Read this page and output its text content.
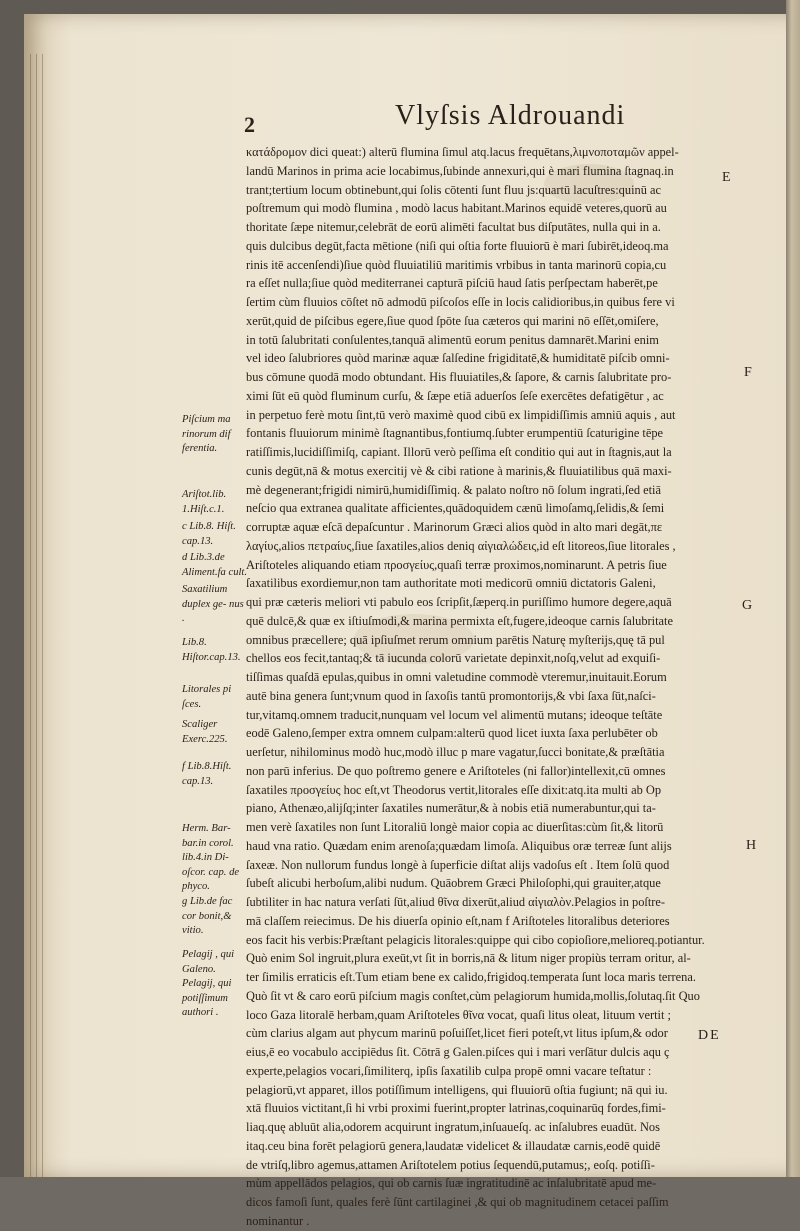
2	Vlyſsis Aldrouandi
κατάδρομον dici queat:) alterū flumina ſimul atq.lacus frequētans,λιμνοποταμῶν appel-
landū Marinos in prima acie locabimus,ſubinde annexuri,qui è mari flumina ſtagnaq.in
trant;tertium locum obtinebunt,qui ſolis cōtenti ſunt fluu js:quartū lacuſtres:quinū ac
poſtremum qui modò flumina , modò lacus habitant.Marinos equidē veteres,quorū au
thoritate ſæpe nitemur,celebrāt de eorū alimēti facultat bus diſputātes, nulla qui in a.
quis dulcibus degūt,facta mētione (niſi qui oſtia forte fluuiorū è mari ſubirēt,ideoq.ma
rinis itē accenſendi)ſiue quòd fluuiatiliū maritimis vrbibus in tanta marinorū copia,cu
ra eſſet nulla;ſiue quòd mediterranei capturā piſciū haud ſatis perſpectam haberēt,pe
ſertim cùm fluuios cōſtet nō admodū piſcoſos eſſe in locis calidioribus,in quibus fere vi
xerūt,quid de piſcibus egere,ſiue quod ſpōte ſua cæteros qui marini nō eſſēt,omiſere,
in totū ſalubritati conſulentes,tanquā alimentū eorum penitus damnarēt.Marini enim
vel ideo ſalubriores quòd marinæ aquæ ſalſedine frigiditatē,& humiditatē piſcib omni-
bus cōmune quodā modo obtundant. His fluuiatiles,& ſapore, & carnis ſalubritate pro-
ximi ſūt eū quòd fluminum curſu, & ſæpe etiā aduerſos ſeſe exercētes defatigētur , ac
in perpetuo ferè motu ſint,tū verò maximè quod cibū ex limpidiſſimis amniū aquis , aut
fontanis fluuiorum minimè ſtagnantibus,fontiumq.ſubter erumpentiū ſcaturigine tēpe
ratiſſimis,lucidiſſimiſq, capiant. Illorū verò peſſima eſt conditio qui aut in ſtagnis,aut la
cunis degūt,nā & motus exercitij vè & cibi ratione à marinis,& fluuiatilibus quā maxi-
mè degenerant;frigidi nimirū,humidiſſimiq. & palato noſtro nō ſolum ingrati,ſed etiā
neſcio qua extranea qualitate afficientes,quādoquidem cænū limoſamq,ſelidis,& ſemi
corruptæ aquæ eſcā depaſcuntur . Marinorum Græci alios quòd in alto mari degāt,πε
λαγίυς,alios πετραίυς,ſiue ſaxatiles,alios deniq αἰγιαλώδεις,id eſt litoreos,ſiue litorales ,
Ariſtoteles aliquando etiam προσγείυς,quaſi terræ proximos,nominarunt. A petris ſiue
ſaxatilibus exordiemur,non tam authoritate moti medicorū omniū dictatoris Galeni,
qui præ cæteris meliori vti pabulo eos ſcripſit,ſæperq.in puriſſimo humore degere,aquā
quē dulcē,& quæ ex iſtiuſmodi,& marina permixta eſt,fugere,ideoque carnis ſalubritate
omnibus præcellere; quā ipſiuſmet rerum omnium parētis Naturę myſterijs,quę tā pul
chellos eos fecit,tantaq;& tā iucunda colorū varietate depinxit,noſq,velut ad exquiſi-
tiſſimas quaſdā epulas,quibus in omni valetudine commodè vteremur,inuitauit.Eorum
autē bina genera ſunt;vnum quod in ſaxoſis tantū promontorijs,& vbi ſaxa ſūt,naſci-
tur,vitamq.omnem traducit,nunquam vel locum vel alimentū mutans; ideoque teſtāte
eodē Galeno,ſemper extra omnem culpam:alterū quod licet iuxta ſaxa perlubēter ob
uerſetur, nihilominus modò huc,modò illuc p mare vagatur,ſucci bonitate,& præſtātia
non parū inferius. De quo poſtremo genere e Ariſtoteles (ni fallor)intellexit,cū omnes
ſaxatiles προσγείυς hoc eſt,vt Theodorus vertit,litorales eſſe dixit:atq.ita multi ab Op
piano, Athenæo,alijſq;inter ſaxatiles numerātur,& à nobis etiā numerabuntur,qui ta-
men verè ſaxatiles non ſunt Litoraliū longè maior copia ac diuerſitas:cùm ſit,& litorū
haud vna ratio. Quædam enim arenoſa;quædam limoſa. Aliquibus oræ terreæ ſunt alijs
ſaxeæ. Non nullorum fundus longè à ſuperficie diſtat alijs vadoſus eſt . Item ſolū quod
ſubeſt alicubi herboſum,alibi nudum. Quāobrem Græci Philoſophi,qui grauiter,atque
ſubtiliter in hac natura verſati ſūt,aliud θῖνα dixerūt,aliud αἰγιαλὸν.Pelagios in poſtre-
mā claſſem reiecimus. De his diuerſa opinio eſt,nam f Ariſtoteles litoralibus deteriores
eos facit his verbis:Præſtant pelagicis litorales:quippe qui cibo copioſiore,melioreq.potiantur.
Quò enim Sol ingruit,plura exeūt,vt ſit in borris,nā & litum niger propiùs terram oritur, al-
ter ſimilis erraticis eſt.Tum etiam bene ex calido,frigidoq.temperata ſunt loca maris terrena.
Quò ſit vt & caro eorū piſcium magis conſtet,cùm pelagiorum humida,mollis,ſolutaq.ſit Quo
loco Gaza litoralē herbam,quam Ariſtoteles θῖνα vocat, quaſi litus oleat, lituum vertit ;
cùm clarius algam aut phycum marinū poſuiſſet,licet fieri poteſt,vt litus ipſum,& odor
eius,ē eo vocabulo accipiēdus ſit. Cōtrā g Galen.piſces qui i mari verſātur dulcis aqu ç
experte,pelagios vocari,ſimiliterq, ipſis ſaxatilib culpa propē omni vacare teſtatur :
pelagiorū,vt apparet, illos potiſſimum intelligens, qui fluuiorū oſtia fugiunt; nā qui iu.
xtā fluuios victitant,ſi hi vrbi proximi fuerint,propter latrinas,coquinarūq fordes,fimi-
liaq.quę abluūt alia,odorem acquirunt ingratum,inſuaueſq. ac inſalubres euadūt. Nos
itaq.ceu bina forēt pelagiorū genera,laudatæ videlicet & illaudatæ carnis,eodē quidē
de vtriſq,libro agemus,attamen Ariſtotelem potius ſequendū,putamus;, eoſq. potiſſi-
mùm appellādos pelagios, qui ob carnis ſuæ ingratitudinē ac inſalubritatē apud me-
dicos famoſi ſunt, quales ferè ſūnt cartilaginei ,& qui ob magnitudinem cetacei paſſim
nominantur .
Piſcium ma rinorum dif ferentia.
Ariſtot.lib. 1.Hiſt.c.1.
c Lib.8. Hiſt. cap.13.
d Lib.3.de Aliment.fa cult.
Saxatilium duplex ge- nus .
Lib.8. Hiſtor.cap.13.
Litorales pi ſces.
Scaliger Exerc.225.
f Lib.8.Hiſt. cap.13.
Herm. Bar- bar.in corol. lib.4.in Di- oſcor. cap. de phyco.
g Lib.de fac cor bonit,& vitio.
Pelagij , qui Galeno. Pelagij, qui potiſſimum authori .
E
F
G
H
DE
